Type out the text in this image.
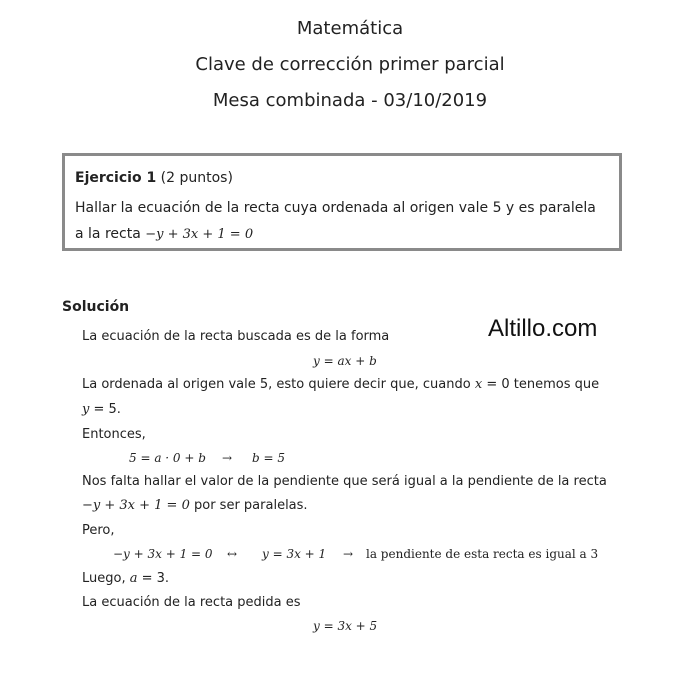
Matemática
Clave de corrección primer parcial
Mesa combinada - 03/10/2019
Ejercicio 1 (2 puntos)
Hallar la ecuación de la recta cuya ordenada al origen vale 5 y es paralela
a la recta −y + 3x + 1 = 0
Solución
Altillo.com
La ecuación de la recta buscada es de la forma
y = ax + b
La ordenada al origen vale 5, esto quiere decir que, cuando x = 0 tenemos que
y = 5.
Entonces,
5 = a · 0 + b → b = 5
Nos falta hallar el valor de la pendiente que será igual a la pendiente de la recta
−y + 3x + 1 = 0 por ser paralelas.
Pero,
−y + 3x + 1 = 0 ↔ y = 3x + 1 → la pendiente de esta recta es igual a 3
Luego, a = 3.
La ecuación de la recta pedida es
y = 3x + 5
